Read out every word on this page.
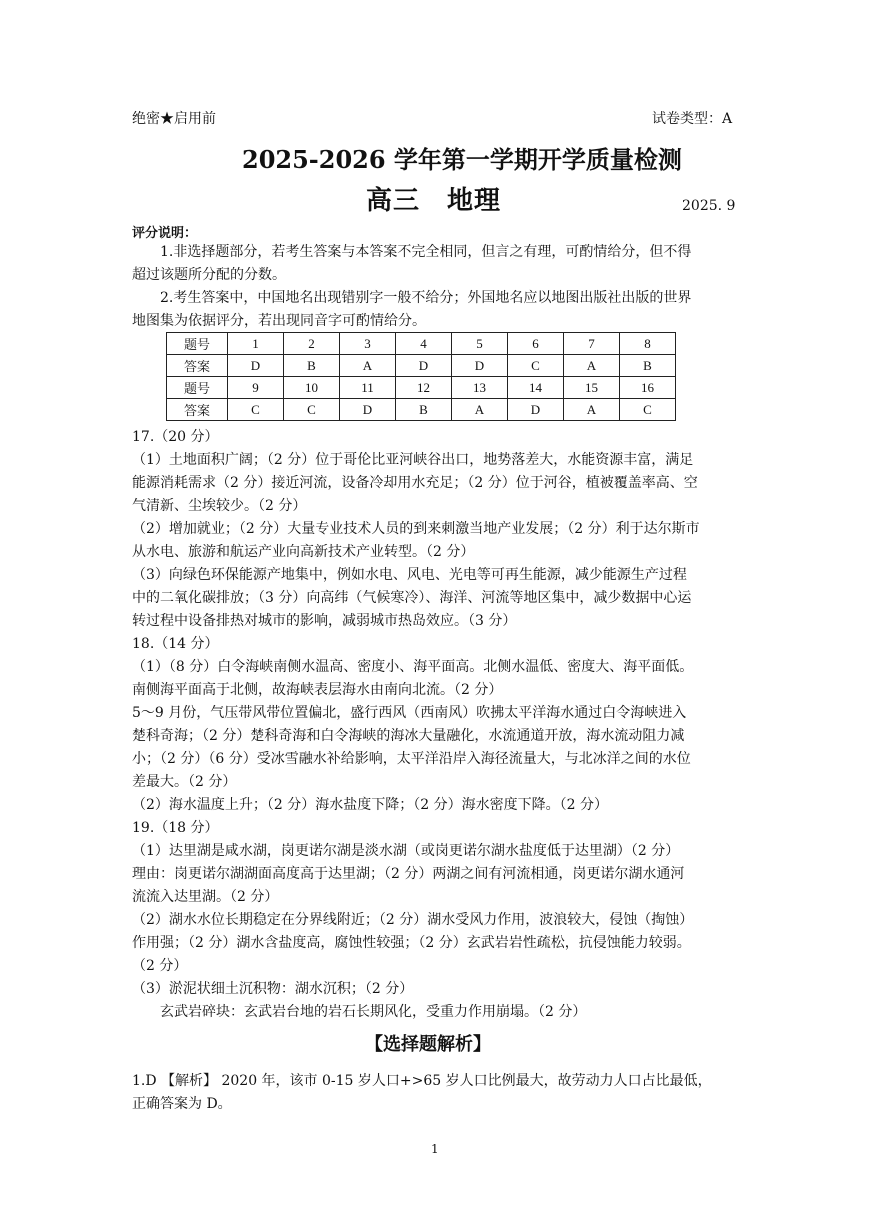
绝密★启用前	试卷类型：A
2025-2026 学年第一学期开学质量检测
高三　地理	2025. 9
评分说明：
1.非选择题部分，若考生答案与本答案不完全相同，但言之有理，可酌情给分，但不得
超过该题所分配的分数。
2.考生答案中，中国地名出现错别字一般不给分；外国地名应以地图出版社出版的世界
地图集为依据评分，若出现同音字可酌情给分。
题号	1	2	3	4	5	6	7	8
答案	D	B	A	D	D	C	A	B
题号	9	10	11	12	13	14	15	16
答案	C	C	D	B	A	D	A	C
17.（20 分）
（1）土地面积广阔；（2 分）位于哥伦比亚河峡谷出口，地势落差大，水能资源丰富，满足
能源消耗需求（2 分）接近河流，设备冷却用水充足；（2 分）位于河谷，植被覆盖率高、空
气清新、尘埃较少。（2 分）
（2）增加就业；（2 分）大量专业技术人员的到来刺激当地产业发展；（2 分）利于达尔斯市
从水电、旅游和航运产业向高新技术产业转型。（2 分）
（3）向绿色环保能源产地集中，例如水电、风电、光电等可再生能源，减少能源生产过程
中的二氧化碳排放；（3 分）向高纬（气候寒冷）、海洋、河流等地区集中，减少数据中心运
转过程中设备排热对城市的影响，减弱城市热岛效应。（3 分）
18.（14 分）
（1）（8 分）白令海峡南侧水温高、密度小、海平面高。北侧水温低、密度大、海平面低。
南侧海平面高于北侧，故海峡表层海水由南向北流。（2 分）
5～9 月份，气压带风带位置偏北，盛行西风（西南风）吹拂太平洋海水通过白令海峡进入
楚科奇海；（2 分）楚科奇海和白令海峡的海冰大量融化，水流通道开放，海水流动阻力减
小；（2 分）（6 分）受冰雪融水补给影响，太平洋沿岸入海径流量大，与北冰洋之间的水位
差最大。（2 分）
（2）海水温度上升；（2 分）海水盐度下降；（2 分）海水密度下降。（2 分）
19.（18 分）
（1）达里湖是咸水湖，岗更诺尔湖是淡水湖（或岗更诺尔湖水盐度低于达里湖）（2 分）
理由：岗更诺尔湖湖面高度高于达里湖；（2 分）两湖之间有河流相通，岗更诺尔湖水通河
流流入达里湖。（2 分）
（2）湖水水位长期稳定在分界线附近；（2 分）湖水受风力作用，波浪较大，侵蚀（掏蚀）
作用强；（2 分）湖水含盐度高，腐蚀性较强；（2 分）玄武岩岩性疏松，抗侵蚀能力较弱。
（2 分）
（3）淤泥状细土沉积物：湖水沉积；（2 分）
玄武岩碎块：玄武岩台地的岩石长期风化，受重力作用崩塌。（2 分）
【选择题解析】
1.D 【解析】 2020 年，该市 0-15 岁人口+>65 岁人口比例最大，故劳动力人口占比最低，
正确答案为 D。
1
